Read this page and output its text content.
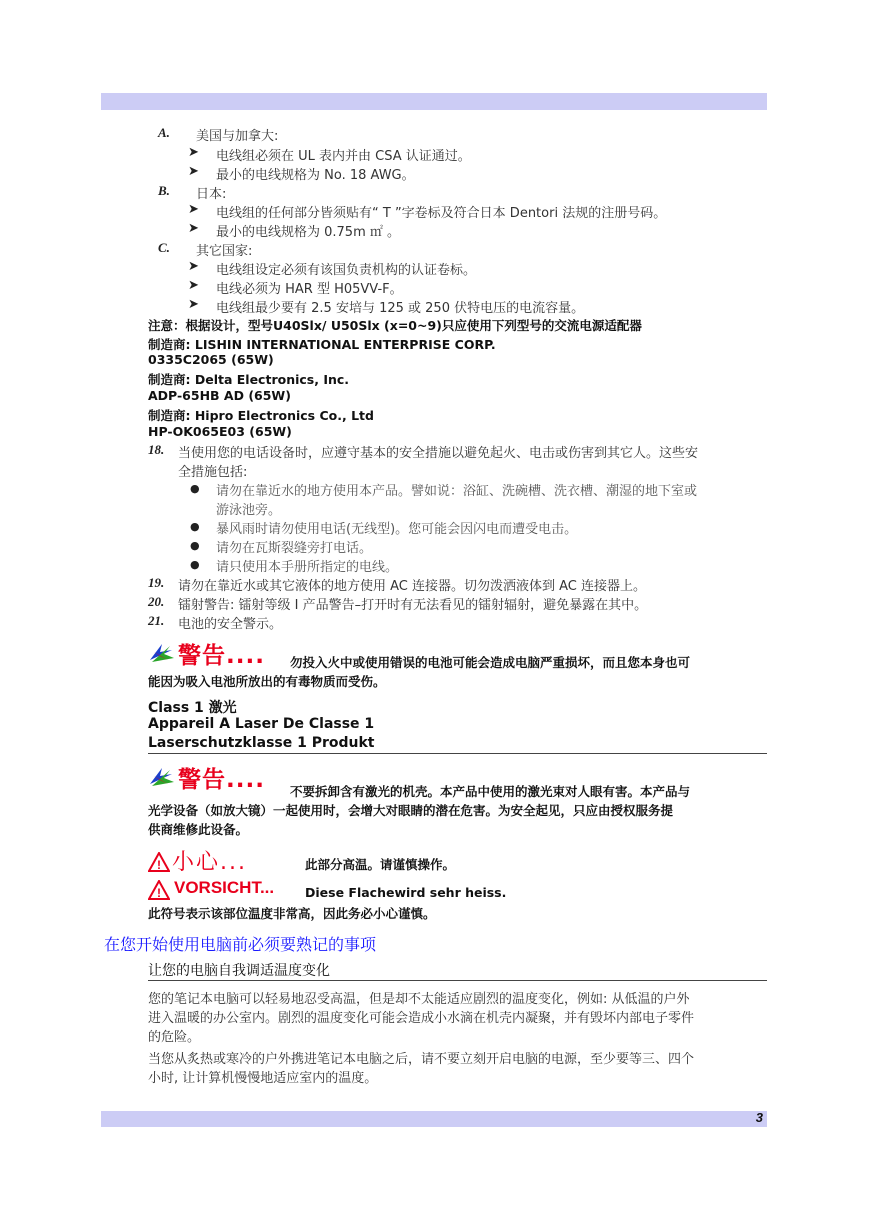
A. 美国与加拿大:
➤ 电线组必须在 UL 表内并由 CSA 认证通过。
➤ 最小的电线规格为 No. 18 AWG。
B. 日本:
➤ 电线组的任何部分皆须贴有“ T ”字卷标及符合日本 Dentori 法规的注册号码。
➤ 最小的电线规格为 0.75m ㎡ 。
C. 其它国家:
➤ 电线组设定必须有该国负责机构的认证卷标。
➤ 电线必须为 HAR 型 H05VV-F。
➤ 电线组最少要有 2.5 安培与 125 或 250 伏特电压的电流容量。
注意：根据设计，型号U40Slx/ U50Slx (x=0~9)只应使用下列型号的交流电源适配器
制造商: LISHIN INTERNATIONAL ENTERPRISE CORP.
0335C2065 (65W)
制造商: Delta Electronics, Inc.
ADP-65HB AD (65W)
制造商: Hipro Electronics Co., Ltd
HP-OK065E03 (65W)
18. 当使用您的电话设备时，应遵守基本的安全措施以避免起火、电击或伤害到其它人。这些安
全措施包括:
● 请勿在靠近水的地方使用本产品。譬如说：浴缸、洗碗槽、洗衣槽、潮湿的地下室或
游泳池旁。
● 暴风雨时请勿使用电话(无线型)。您可能会因闪电而遭受电击。
● 请勿在瓦斯裂缝旁打电话。
● 请只使用本手册所指定的电线。
19. 请勿在靠近水或其它液体的地方使用 AC 连接器。切勿泼洒液体到 AC 连接器上。
20. 镭射警告: 镭射等级 I 产品警告–打开时有无法看见的镭射辐射，避免暴露在其中。
21. 电池的安全警示。
警告.... 勿投入火中或使用错误的电池可能会造成电脑严重损坏，而且您本身也可
能因为吸入电池所放出的有毒物质而受伤。
Class 1 激光
Appareil A Laser De Classe 1
Laserschutzklasse 1 Produkt
警告.... 不要拆卸含有激光的机壳。本产品中使用的激光束对人眼有害。本产品与
光学设备（如放大镜）一起使用时，会增大对眼睛的潜在危害。为安全起见，只应由授权服务提
供商维修此设备。
! 小心...	此部分高温。请谨慎操作。
! VORSICHT... Diese Flachewird sehr heiss.
此符号表示该部位温度非常高，因此务必小心谨慎。
在您开始使用电脑前必须要熟记的事项
让您的电脑自我调适温度变化
您的笔记本电脑可以轻易地忍受高温，但是却不太能适应剧烈的温度变化，例如: 从低温的户外
进入温暖的办公室内。剧烈的温度变化可能会造成小水滴在机壳内凝聚，并有毁坏内部电子零件
的危险。
当您从炙热或寒冷的户外携进笔记本电脑之后，请不要立刻开启电脑的电源，至少要等三、四个
小时, 让计算机慢慢地适应室内的温度。
3
